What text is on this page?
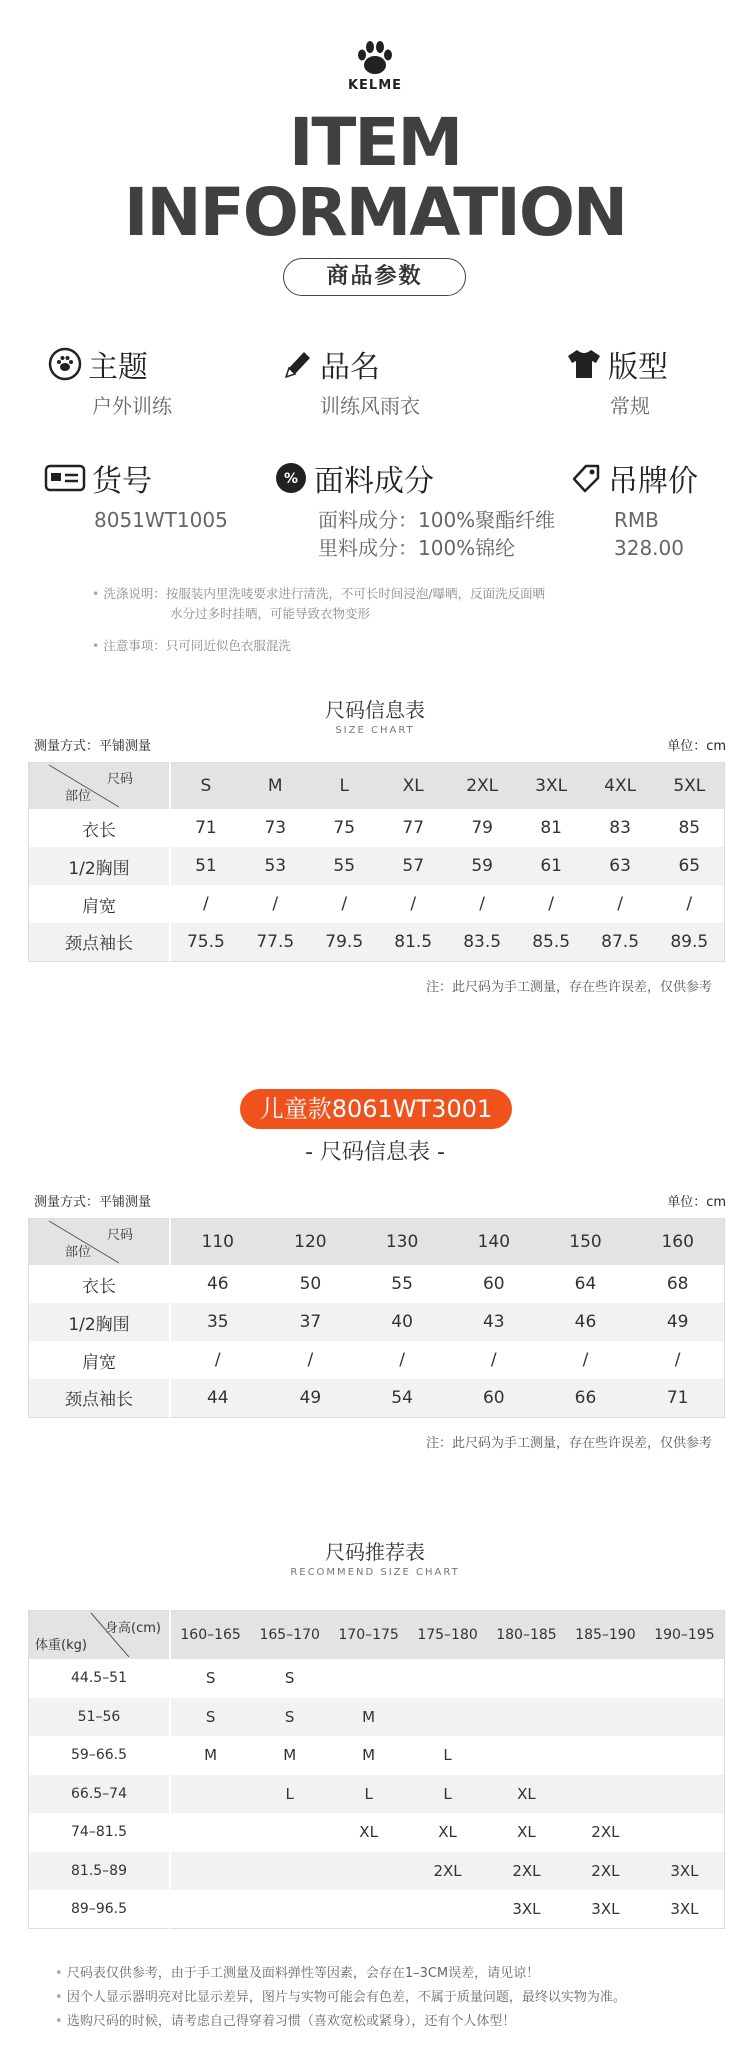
KELME
ITEM
INFORMATION
商品参数
主题
户外训练
品名
训练风雨衣
版型
常规
货号
8051WT1005
% 面料成分
面料成分：100%聚酯纤维
里料成分：100%锦纶
吊牌价
RMB
328.00
• 洗涤说明：按服装内里洗唛要求进行清洗，不可长时间浸泡/曝晒，反面洗反面晒
水分过多时挂晒，可能导致衣物变形
• 注意事项：只可同近似色衣服混洗
尺码信息表
SIZE CHART
测量方式：平铺测量	单位：cm
尺码
部位	S	M	L	XL	2XL	3XL	4XL	5XL
衣长	71	73	75	77	79	81	83	85
1/2胸围	51	53	55	57	59	61	63	65
肩宽	/	/	/	/	/	/	/	/
颈点袖长	75.5	77.5	79.5	81.5	83.5	85.5	87.5	89.5
注：此尺码为手工测量，存在些许误差，仅供参考
儿童款8061WT3001
- 尺码信息表 -
测量方式：平铺测量	单位：cm
尺码
部位	110	120	130	140	150	160
衣长	46	50	55	60	64	68
1/2胸围	35	37	40	43	46	49
肩宽	/	/	/	/	/	/
颈点袖长	44	49	54	60	66	71
注：此尺码为手工测量，存在些许误差，仅供参考
尺码推荐表
RECOMMEND SIZE CHART
身高(cm)
体重(kg)	160–165	165–170	170–175	175–180	180–185	185–190	190–195
44.5–51	S	S					
51–56	S	S	M				
59–66.5	M	M	M	L			
66.5–74		L	L	L	XL		
74–81.5			XL	XL	XL	2XL	
81.5–89				2XL	2XL	2XL	3XL
89–96.5					3XL	3XL	3XL
• 尺码表仅供参考，由于手工测量及面料弹性等因素，会存在1–3CM误差，请见谅！
• 因个人显示器明亮对比显示差异，图片与实物可能会有色差，不属于质量问题，最终以实物为准。
• 选购尺码的时候，请考虑自己得穿着习惯（喜欢宽松或紧身），还有个人体型！
